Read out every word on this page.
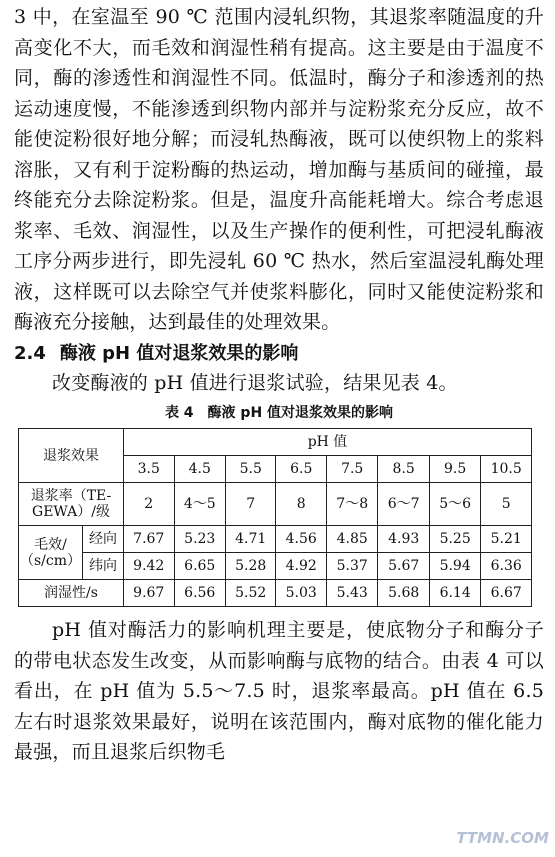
3 中，在室温至 90 ℃ 范围内浸轧织物，其退浆率随温度的升高变化不大，而毛效和润湿性稍有提高。这主要是由于温度不同，酶的渗透性和润湿性不同。低温时，酶分子和渗透剂的热运动速度慢，不能渗透到织物内部并与淀粉浆充分反应，故不能使淀粉很好地分解；而浸轧热酶液，既可以使织物上的浆料溶胀，又有利于淀粉酶的热运动，增加酶与基质间的碰撞，最终能充分去除淀粉浆。但是，温度升高能耗增大。综合考虑退浆率、毛效、润湿性，以及生产操作的便利性，可把浸轧酶液工序分两步进行，即先浸轧 60 ℃ 热水，然后室温浸轧酶处理液，这样既可以去除空气并使浆料膨化，同时又能使淀粉浆和酶液充分接触，达到最佳的处理效果。

2.4 酶液 pH 值对退浆效果的影响

改变酶液的 pH 值进行退浆试验，结果见表 4。

表 4　酶液 pH 值对退浆效果的影响
退浆效果		pH 值							
		3.5	4.5	5.5	6.5	7.5	8.5	9.5	10.5
退浆率（TE-GEWA）/级		2	4～5	7	8	7～8	6～7	5～6	5
毛效/（s/cm）	经向	7.67	5.23	4.71	4.56	4.85	4.93	5.25	5.21
	纬向	9.42	6.65	5.28	4.92	5.37	5.67	5.94	6.36
润湿性/s		9.67	6.56	5.52	5.03	5.43	5.68	6.14	6.67

pH 值对酶活力的影响机理主要是，使底物分子和酶分子的带电状态发生改变，从而影响酶与底物的结合。由表 4 可以看出，在 pH 值为 5.5～7.5 时，退浆率最高。pH 值在 6.5 左右时退浆效果最好，说明在该范围内，酶对底物的催化能力最强，而且退浆后织物毛

TTMN.COM
